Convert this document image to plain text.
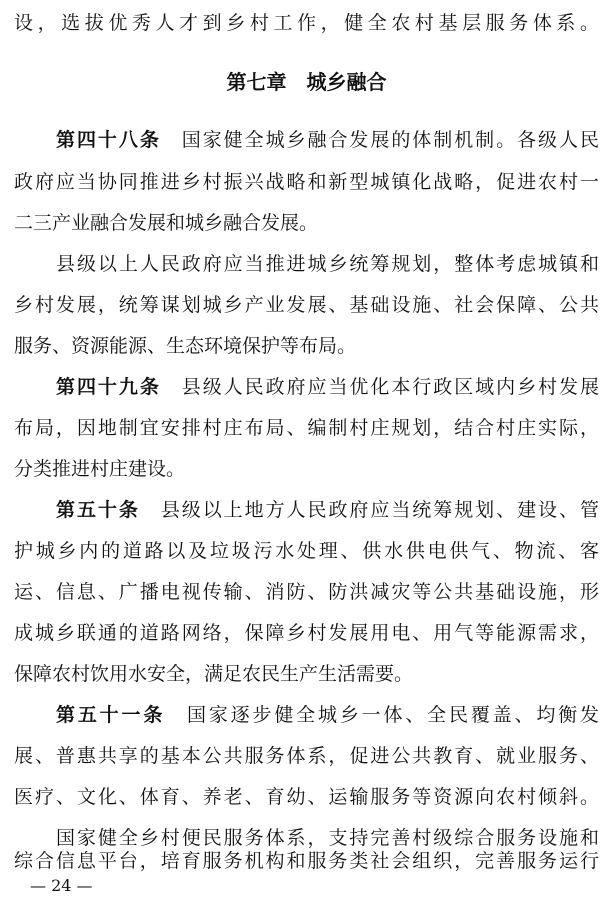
设，选拔优秀人才到乡村工作，健全农村基层服务体系。
第七章　城乡融合
第四十八条　 国家健全城乡融合发展的体制机制。各级人民
政府应当协同推进乡村振兴战略和新型城镇化战略，促进农村一
二三产业融合发展和城乡融合发展。
县级以上人民政府应当推进城乡统筹规划，整体考虑城镇和
乡村发展，统筹谋划城乡产业发展、基础设施、社会保障、公共
服务、资源能源、生态环境保护等布局。
第四十九条　 县级人民政府应当优化本行政区域内乡村发展
布局，因地制宜安排村庄布局、编制村庄规划，结合村庄实际，
分类推进村庄建设。
第五十条　 县级以上地方人民政府应当统筹规划、建设、管
护城乡内的道路以及垃圾污水处理、供水供电供气、物流、客
运、信息、广播电视传输、消防、防洪减灾等公共基础设施，形
成城乡联通的道路网络，保障乡村发展用电、用气等能源需求，
保障农村饮用水安全，满足农民生产生活需要。
第五十一条　 国家逐步健全城乡一体、全民覆盖、均衡发
展、普惠共享的基本公共服务体系，促进公共教育、就业服务、
医疗、文化、体育、养老、育幼、运输服务等资源向农村倾斜。
国家健全乡村便民服务体系，支持完善村级综合服务设施和
综合信息平台，培育服务机构和服务类社会组织，完善服务运行
— 24 —
